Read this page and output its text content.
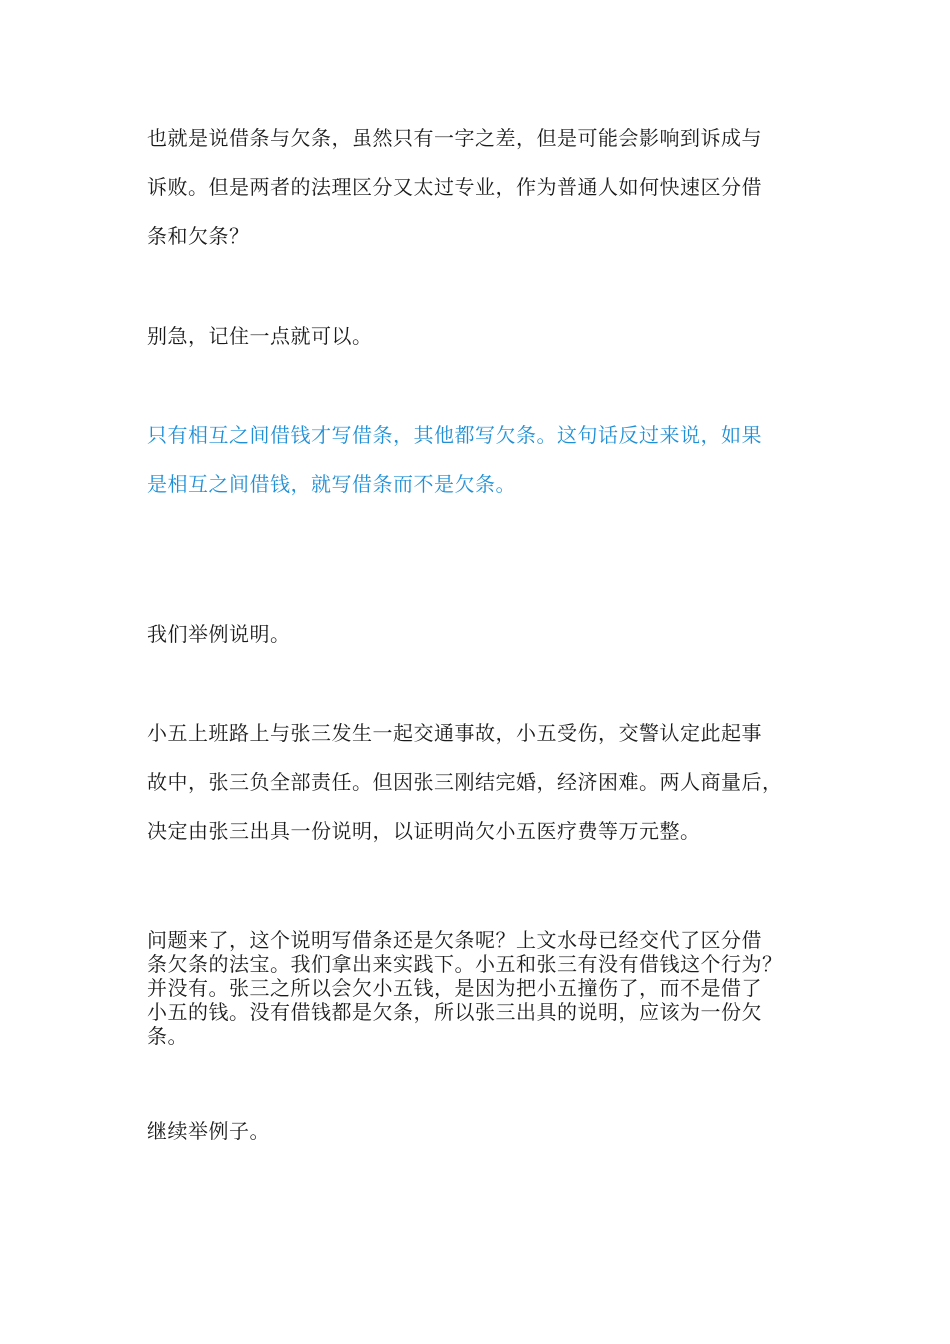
也就是说借条与欠条，虽然只有一字之差，但是可能会影响到诉成与
诉败。但是两者的法理区分又太过专业，作为普通人如何快速区分借
条和欠条？
别急，记住一点就可以。
只有相互之间借钱才写借条，其他都写欠条。这句话反过来说，如果
是相互之间借钱，就写借条而不是欠条。
我们举例说明。
小五上班路上与张三发生一起交通事故，小五受伤，交警认定此起事
故中，张三负全部责任。但因张三刚结完婚，经济困难。两人商量后，
决定由张三出具一份说明，以证明尚欠小五医疗费等万元整。
问题来了，这个说明写借条还是欠条呢？上文水母已经交代了区分借
条欠条的法宝。我们拿出来实践下。小五和张三有没有借钱这个行为？
并没有。张三之所以会欠小五钱，是因为把小五撞伤了，而不是借了
小五的钱。没有借钱都是欠条，所以张三出具的说明，应该为一份欠
条。
继续举例子。
